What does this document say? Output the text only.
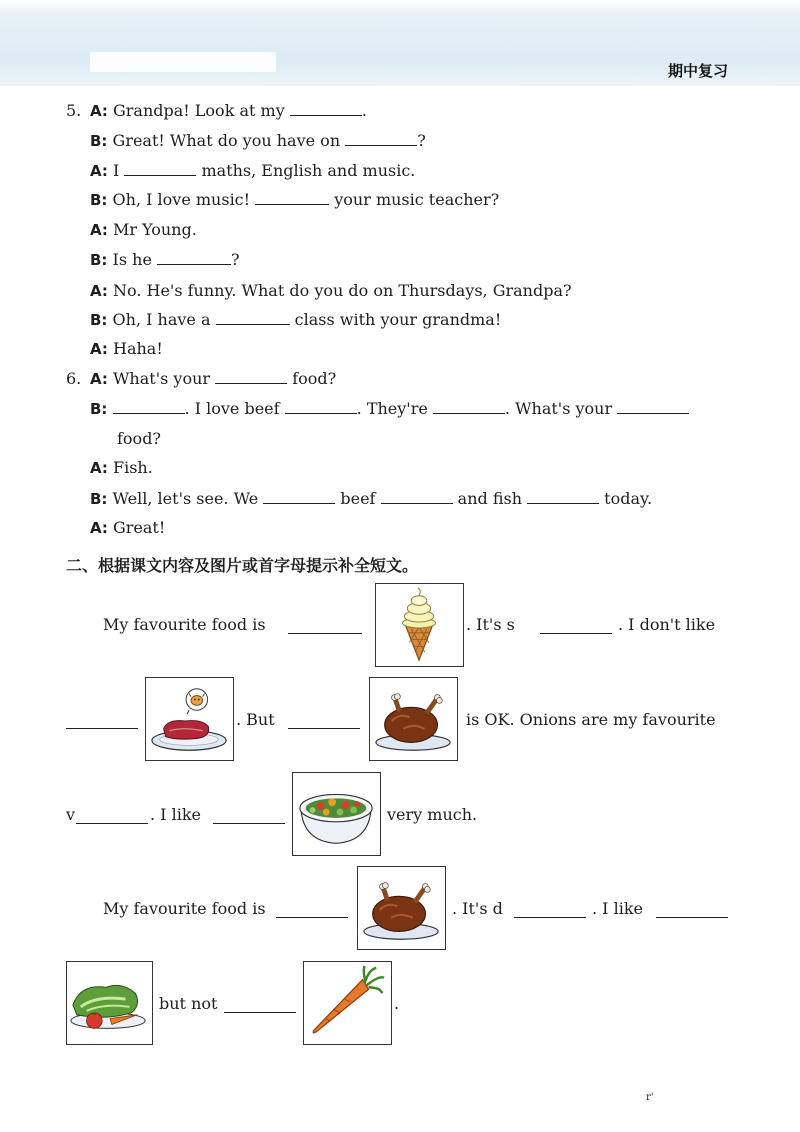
期中复习
5. A: Grandpa! Look at my	.
B: Great! What do you have on	?
A: I	maths, English and music.
B: Oh, I love music!	your music teacher?
A: Mr Young.
B: Is he	?
A: No. He's funny. What do you do on Thursdays, Grandpa?
B: Oh, I have a	class with your grandma!
A: Haha!
6. A: What's your	food?
B:	. I love beef	. They're	. What's your
food?
A: Fish.
B: Well, let's see. We	beef	and fish	today.
A: Great!
二、根据课文内容及图片或首字母提示补全短文。
My favourite food is	. It's s	. I don't like
. But	is OK. Onions are my favourite
v	. I like	very much.
My favourite food is	. It's d	. I like
but not	.
r'
